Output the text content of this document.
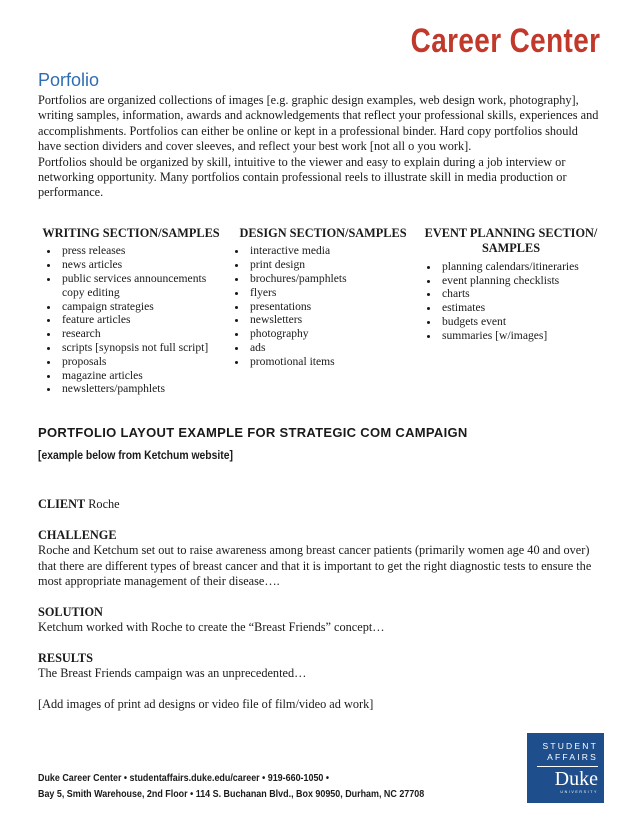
Career Center
Porfolio

Portfolios are organized collections of images [e.g. graphic design examples, web design work, photography], writing samples, information, awards and acknowledgements that reflect your professional skills, experiences and accomplishments. Portfolios can either be online or kept in a professional binder. Hard copy portfolios should have section dividers and cover sleeves, and reflect your best work [not all o you work].

Portfolios should be organized by skill, intuitive to the viewer and easy to explain during a job interview or networking opportunity. Many portfolios contain professional reels to illustrate skill in media production or performance.

WRITING SECTION/SAMPLES
• press releases
• news articles
• public services announcements copy editing
• campaign strategies
• feature articles
• research
• scripts [synopsis not full script]
• proposals
• magazine articles
• newsletters/pamphlets
DESIGN SECTION/SAMPLES
• interactive media
• print design
• brochures/pamphlets
• flyers
• presentations
• newsletters
• photography
• ads
• promotional items
EVENT PLANNING SECTION/ SAMPLES
• planning calendars/itineraries
• event planning checklists
• charts
• estimates
• budgets event
• summaries [w/images]
PORTFOLIO LAYOUT EXAMPLE FOR STRATEGIC COM CAMPAIGN
[example below from Ketchum website]
CLIENT Roche
CHALLENGE
Roche and Ketchum set out to raise awareness among breast cancer patients (primarily women age 40 and over) that there are different types of breast cancer and that it is important to get the right diagnostic tests to ensure the most appropriate management of their disease….
SOLUTION
Ketchum worked with Roche to create the “Breast Friends” concept…
RESULTS
The Breast Friends campaign was an unprecedented…
[Add images of print ad designs or video file of film/video ad work]
Duke Career Center • studentaffairs.duke.edu/career • 919-660-1050 •
Bay 5, Smith Warehouse, 2nd Floor • 114 S. Buchanan Blvd., Box 90950, Durham, NC 27708
STUDENT
AFFAIRS
Duke
UNIVERSITY
